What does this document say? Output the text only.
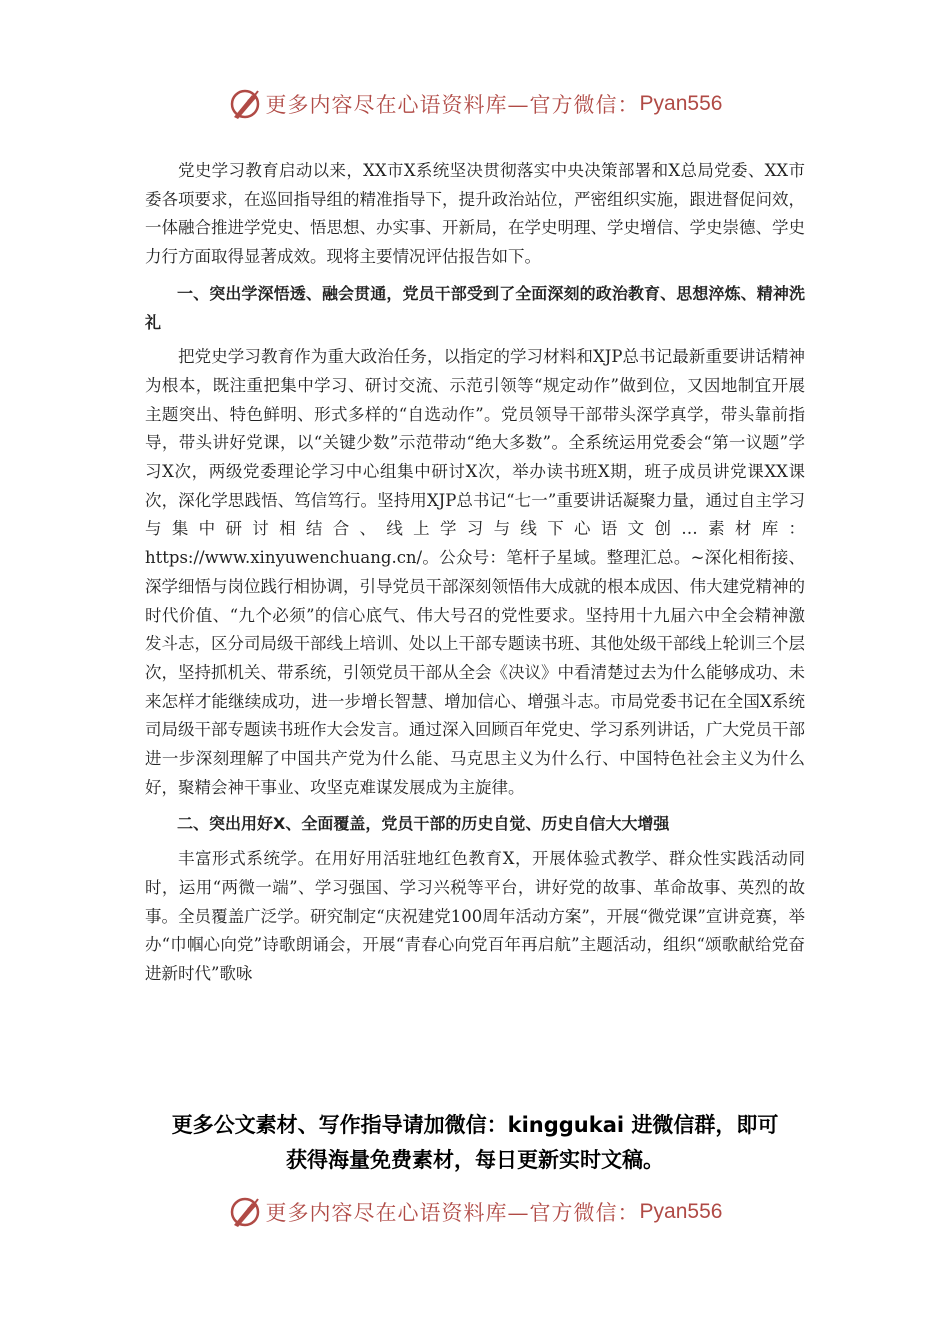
更多内容尽在心语资料库—官方微信： Pyan556

党史学习教育启动以来，XX市X系统坚决贯彻落实中央决策部署和X总局党委、XX市委各项要求，在巡回指导组的精准指导下，提升政治站位，严密组织实施，跟进督促问效，一体融合推进学党史、悟思想、办实事、开新局，在学史明理、学史增信、学史崇德、学史力行方面取得显著成效。现将主要情况评估报告如下。

一、突出学深悟透、融会贯通，党员干部受到了全面深刻的政治教育、思想淬炼、精神洗礼

把党史学习教育作为重大政治任务，以指定的学习材料和XJP总书记最新重要讲话精神为根本，既注重把集中学习、研讨交流、示范引领等“规定动作”做到位，又因地制宜开展主题突出、特色鲜明、形式多样的“自选动作”。党员领导干部带头深学真学，带头靠前指导，带头讲好党课，以“关键少数”示范带动“绝大多数”。全系统运用党委会“第一议题”学习X次，两级党委理论学习中心组集中研讨X次，举办读书班X期，班子成员讲党课XX课次，深化学思践悟、笃信笃行。坚持用XJP总书记“七一”重要讲话凝聚力量，通过自主学习与集中研讨相结合、线上学习与线下心语文创…素材库：https://www.xinyuwenchuang.cn/。公众号：笔杆子星域。整理汇总。~深化相衔接、深学细悟与岗位践行相协调，引导党员干部深刻领悟伟大成就的根本成因、伟大建党精神的时代价值、“九个必须”的信心底气、伟大号召的党性要求。坚持用十九届六中全会精神激发斗志，区分司局级干部线上培训、处以上干部专题读书班、其他处级干部线上轮训三个层次，坚持抓机关、带系统，引领党员干部从全会《决议》中看清楚过去为什么能够成功、未来怎样才能继续成功，进一步增长智慧、增加信心、增强斗志。市局党委书记在全国X系统司局级干部专题读书班作大会发言。通过深入回顾百年党史、学习系列讲话，广大党员干部进一步深刻理解了中国共产党为什么能、马克思主义为什么行、中国特色社会主义为什么好，聚精会神干事业、攻坚克难谋发展成为主旋律。

二、突出用好X、全面覆盖，党员干部的历史自觉、历史自信大大增强

丰富形式系统学。在用好用活驻地红色教育X，开展体验式教学、群众性实践活动同时，运用“两微一端”、学习强国、学习兴税等平台，讲好党的故事、革命故事、英烈的故事。全员覆盖广泛学。研究制定“庆祝建党100周年活动方案”，开展“微党课”宣讲竞赛，举办“巾帼心向党”诗歌朗诵会，开展“青春心向党百年再启航”主题活动，组织“颂歌献给党奋进新时代”歌咏

更多公文素材、写作指导请加微信：kinggukai 进微信群，即可
获得海量免费素材，每日更新实时文稿。
更多内容尽在心语资料库—官方微信： Pyan556
